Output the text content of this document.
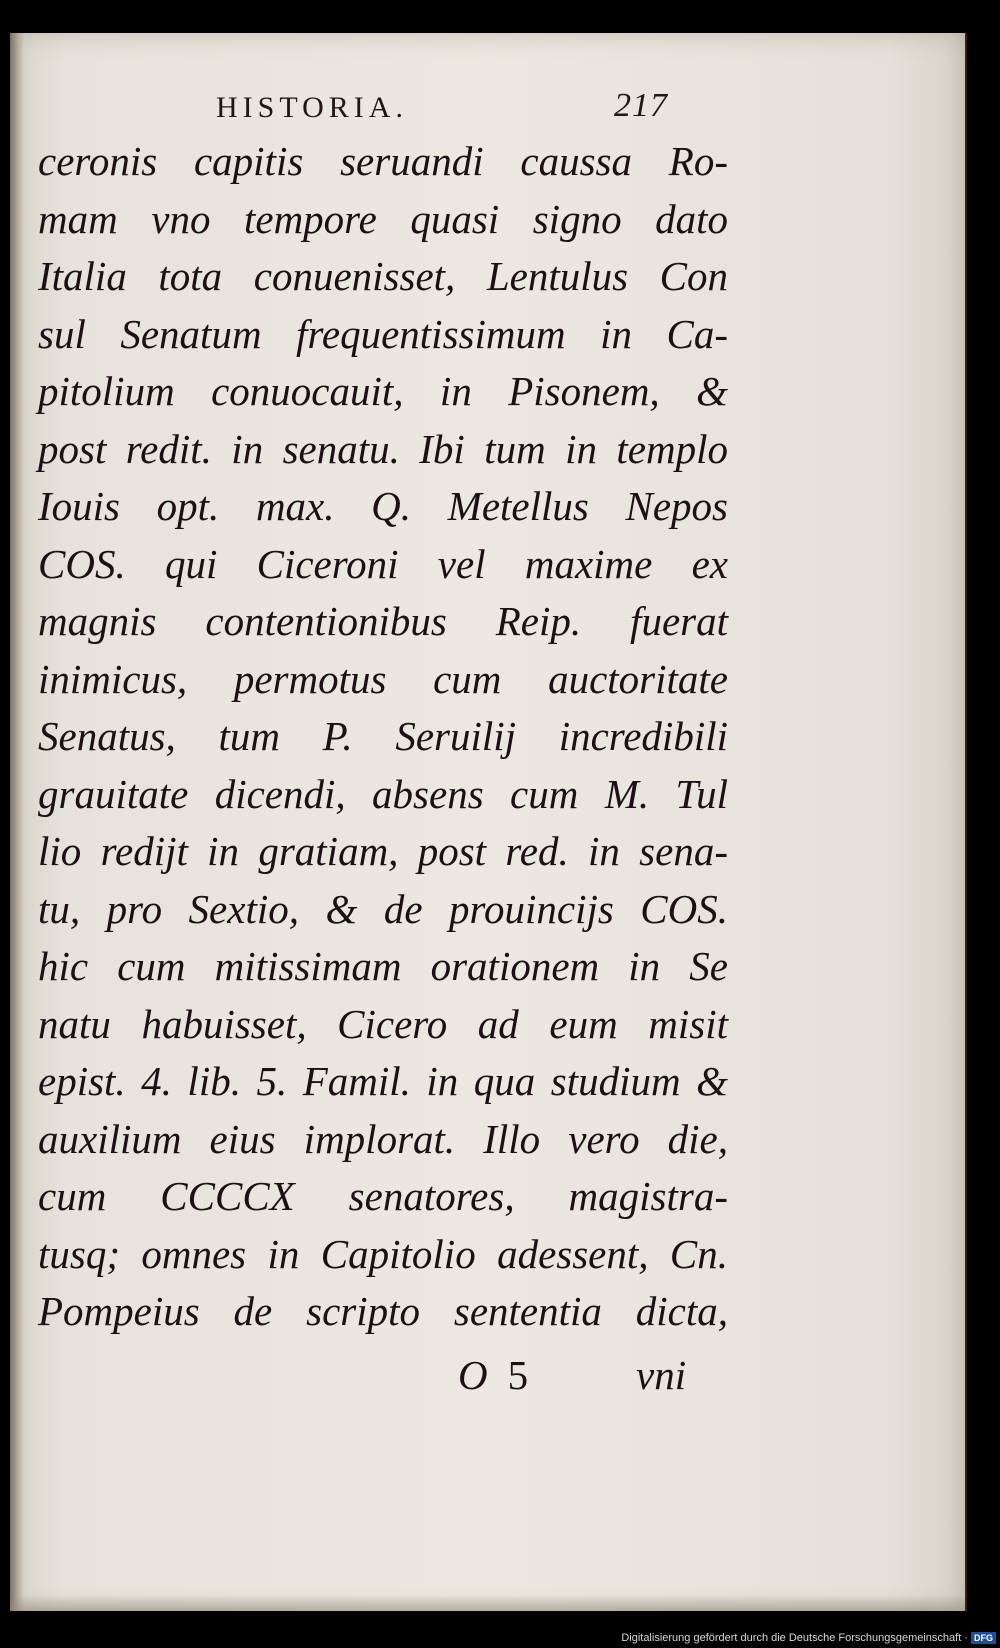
HISTORIA.	217
ceronis capitis seruandi caussa Ro-
mam vno tempore quasi signo dato
Italia tota conuenisset, Lentulus Con
sul Senatum frequentissimum in Ca-
pitolium conuocauit, in Pisonem, &
post redit. in senatu. Ibi tum in templo
Iouis opt. max. Q. Metellus Nepos
COS. qui Ciceroni vel maxime ex
magnis contentionibus Reip. fuerat
inimicus, permotus cum auctoritate
Senatus, tum P. Seruilij incredibili
grauitate dicendi, absens cum M. Tul
lio redijt in gratiam, post red. in sena-
tu, pro Sextio, & de prouincijs COS.
hic cum mitissimam orationem in Se
natu habuisset, Cicero ad eum misit
epist. 4. lib. 5. Famil. in qua studium &
auxilium eius implorat. Illo vero die,
cum CCCCX senatores, magistra-
tusq; omnes in Capitolio adessent, Cn.
Pompeius de scripto sententia dicta,
O 5	vni
Digitalisierung gefördert durch die Deutsche Forschungsgemeinschaft · DFG
